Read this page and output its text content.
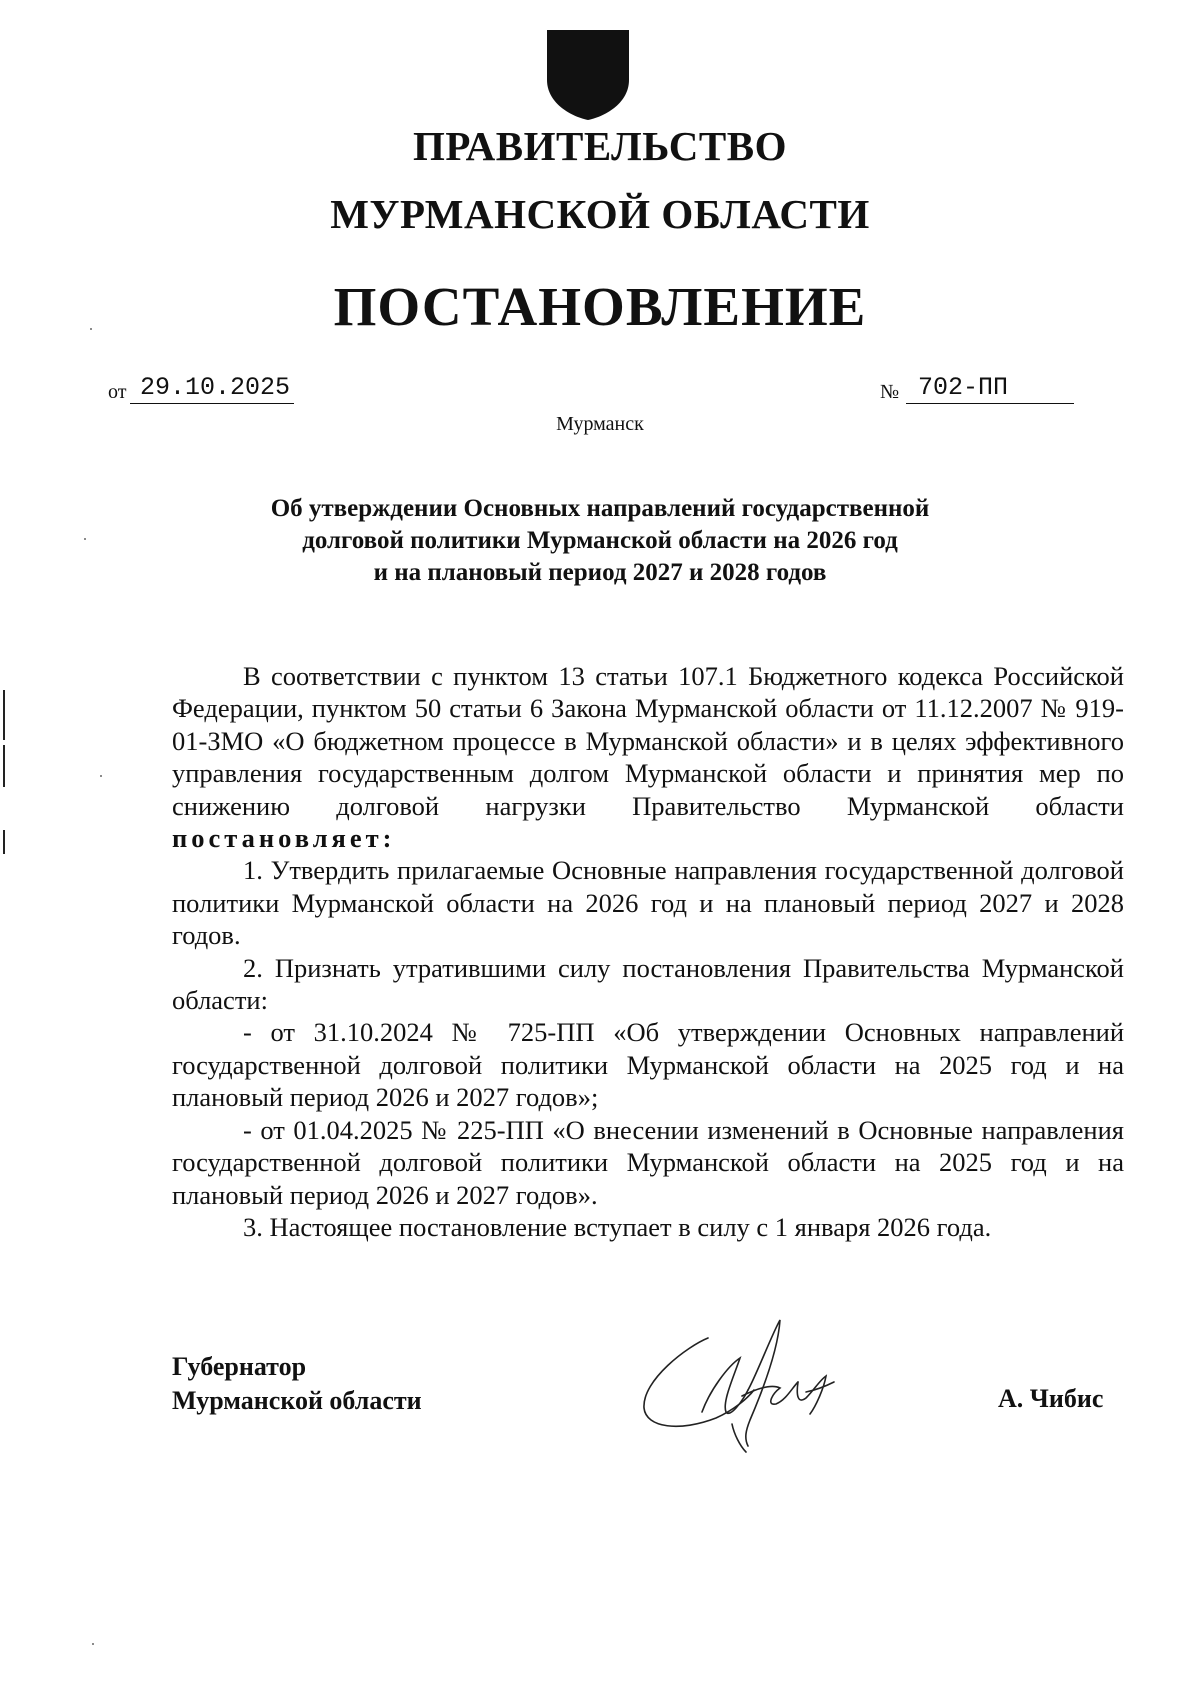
ПРАВИТЕЛЬСТВО
МУРМАНСКОЙ ОБЛАСТИ
ПОСТАНОВЛЕНИЕ
от 29.10.2025	№ 702-ПП
Мурманск
Об утверждении Основных направлений государственной
долговой политики Мурманской области на 2026 год
и на плановый период 2027 и 2028 годов

В соответствии с пунктом 13 статьи 107.1 Бюджетного кодекса Российской Федерации, пунктом 50 статьи 6 Закона Мурманской области от 11.12.2007 № 919-01-ЗМО «О бюджетном процессе в Мурманской области» и в целях эффективного управления государственным долгом Мурманской области и принятия мер по снижению долговой нагрузки Правительство Мурманской области постановляет:

1. Утвердить прилагаемые Основные направления государственной долговой политики Мурманской области на 2026 год и на плановый период 2027 и 2028 годов.

2. Признать утратившими силу постановления Правительства Мурманской области:

- от 31.10.2024 № 725-ПП «Об утверждении Основных направлений государственной долговой политики Мурманской области на 2025 год и на плановый период 2026 и 2027 годов»;

- от 01.04.2025 № 225-ПП «О внесении изменений в Основные направления государственной долговой политики Мурманской области на 2025 год и на плановый период 2026 и 2027 годов».

3. Настоящее постановление вступает в силу с 1 января 2026 года.

Губернатор
Мурманской области	А. Чибис
